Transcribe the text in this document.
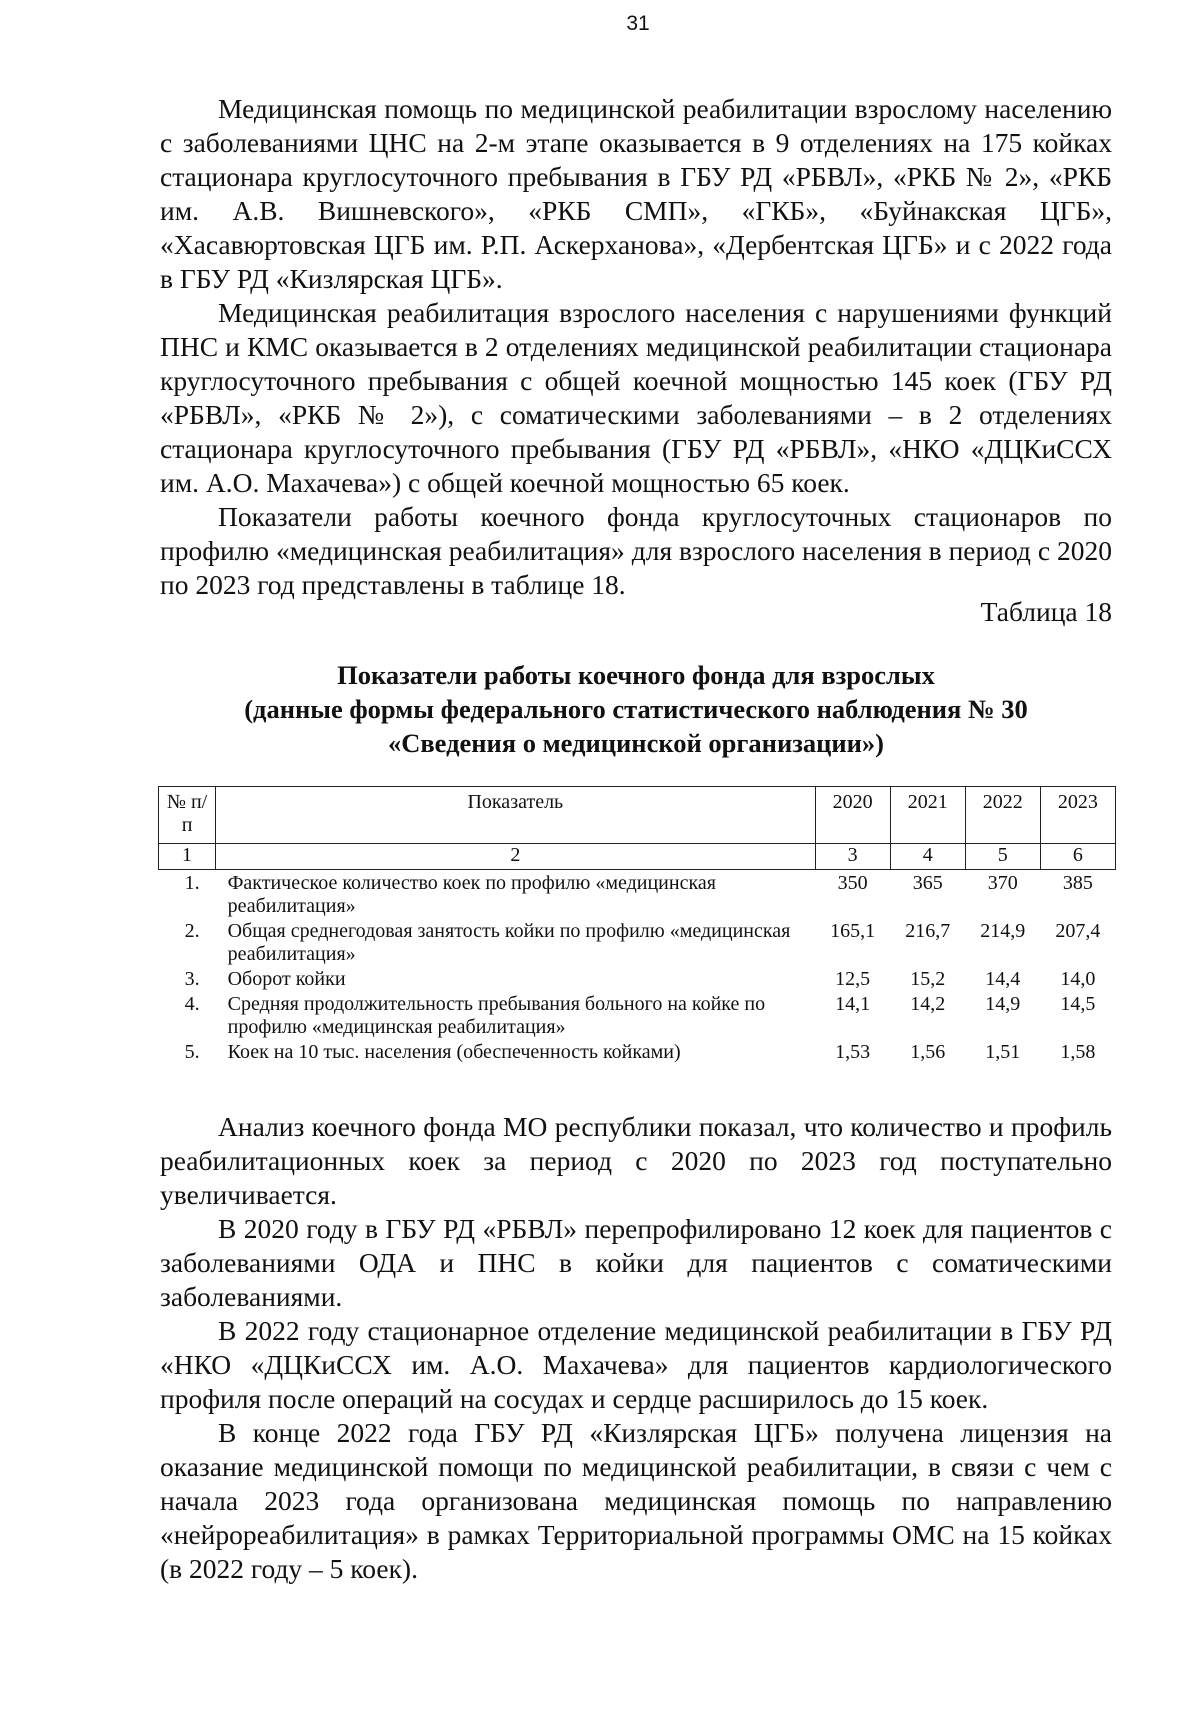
31

Медицинская помощь по медицинской реабилитации взрослому населению с заболеваниями ЦНС на 2-м этапе оказывается в 9 отделениях на 175 койках стационара круглосуточного пребывания в ГБУ РД «РБВЛ», «РКБ № 2», «РКБ им. А.В. Вишневского», «РКБ СМП», «ГКБ», «Буйнакская ЦГБ», «Хасавюртовская ЦГБ им. Р.П. Аскерханова», «Дербентская ЦГБ» и с 2022 года в ГБУ РД «Кизлярская ЦГБ».

Медицинская реабилитация взрослого населения с нарушениями функций ПНС и КМС оказывается в 2 отделениях медицинской реабилитации стационара круглосуточного пребывания с общей коечной мощностью 145 коек (ГБУ РД «РБВЛ», «РКБ № 2»), с соматическими заболеваниями – в 2 отделениях стационара круглосуточного пребывания (ГБУ РД «РБВЛ», «НКО «ДЦКиССХ им. А.О. Махачева») с общей коечной мощностью 65 коек.

Показатели работы коечного фонда круглосуточных стационаров по профилю «медицинская реабилитация» для взрослого населения в период с 2020 по 2023 год представлены в таблице 18.

Таблица 18
Показатели работы коечного фонда для взрослых
(данные формы федерального статистического наблюдения № 30
«Сведения о медицинской организации»)
№ п/п	Показатель	2020	2021	2022	2023
1	2	3	4	5	6
1.	Фактическое количество коек по профилю «медицинская реабилитация»	350	365	370	385
2.	Общая среднегодовая занятость койки по профилю «медицинская реабилитация»	165,1	216,7	214,9	207,4
3.	Оборот койки	12,5	15,2	14,4	14,0
4.	Средняя продолжительность пребывания больного на койке по профилю «медицинская реабилитация»	14,1	14,2	14,9	14,5
5.	Коек на 10 тыс. населения (обеспеченность койками)	1,53	1,56	1,51	1,58

Анализ коечного фонда МО республики показал, что количество и профиль реабилитационных коек за период с 2020 по 2023 год поступательно увеличивается.

В 2020 году в ГБУ РД «РБВЛ» перепрофилировано 12 коек для пациентов с заболеваниями ОДА и ПНС в койки для пациентов с соматическими заболеваниями.

В 2022 году стационарное отделение медицинской реабилитации в ГБУ РД «НКО «ДЦКиССХ им. А.О. Махачева» для пациентов кардиологического профиля после операций на сосудах и сердце расширилось до 15 коек.

В конце 2022 года ГБУ РД «Кизлярская ЦГБ» получена лицензия на оказание медицинской помощи по медицинской реабилитации, в связи с чем с начала 2023 года организована медицинская помощь по направлению «нейрореабилитация» в рамках Территориальной программы ОМС на 15 койках (в 2022 году – 5 коек).
